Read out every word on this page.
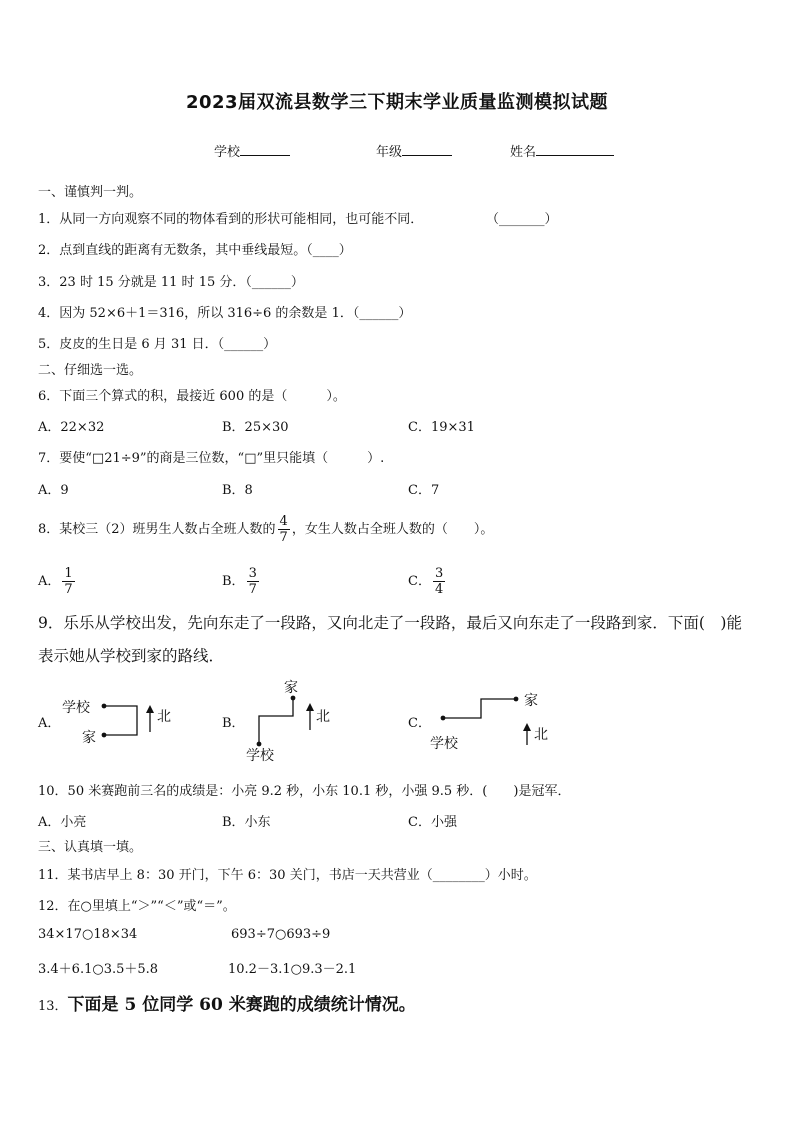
2023届双流县数学三下期末学业质量监测模拟试题
学校	年级	姓名
一、谨慎判一判。
1．从同一方向观察不同的物体看到的形状可能相同，也可能不同．	（_______）
2．点到直线的距离有无数条，其中垂线最短。（____）
3．23 时 15 分就是 11 时 15 分．（______）
4．因为 52×6＋1＝316，所以 316÷6 的余数是 1．（______）
5．皮皮的生日是 6 月 31 日．（______）
二、仔细选一选。
6．下面三个算式的积，最接近 600 的是（　　　）。
A．22×32	B．25×30	C．19×31
7．要使“□21÷9”的商是三位数，“□”里只能填（　　　）.
A．9	B．8	C．7
8．某校三（2）班男生人数占全班人数的 $\frac{4}{7}$ ，女生人数占全班人数的（　　）。
A． $\frac{1}{7}$	B． $\frac{3}{7}$	C． $\frac{3}{4}$
9．乐乐从学校出发，先向东走了一段路，又向北走了一段路，最后又向东走了一段路到家．下面(　)能
表示她从学校到家的路线．
A．
学校
家
北	B．
家
学校
北	C．
家
学校
北
10．50 米赛跑前三名的成绩是：小亮 9.2 秒，小东 10.1 秒，小强 9.5 秒．(　　)是冠军．
A．小亮	B．小东	C．小强
三、认真填一填。
11．某书店早上 8：30 开门，下午 6：30 关门，书店一天共营业（________）小时。
12．在○里填上“＞”“＜”或“＝”。
34×17○18×34	693÷7○693÷9
3.4＋6.1○3.5＋5.8	10.2－3.1○9.3－2.1
13．下面是 5 位同学 60 米赛跑的成绩统计情况。
